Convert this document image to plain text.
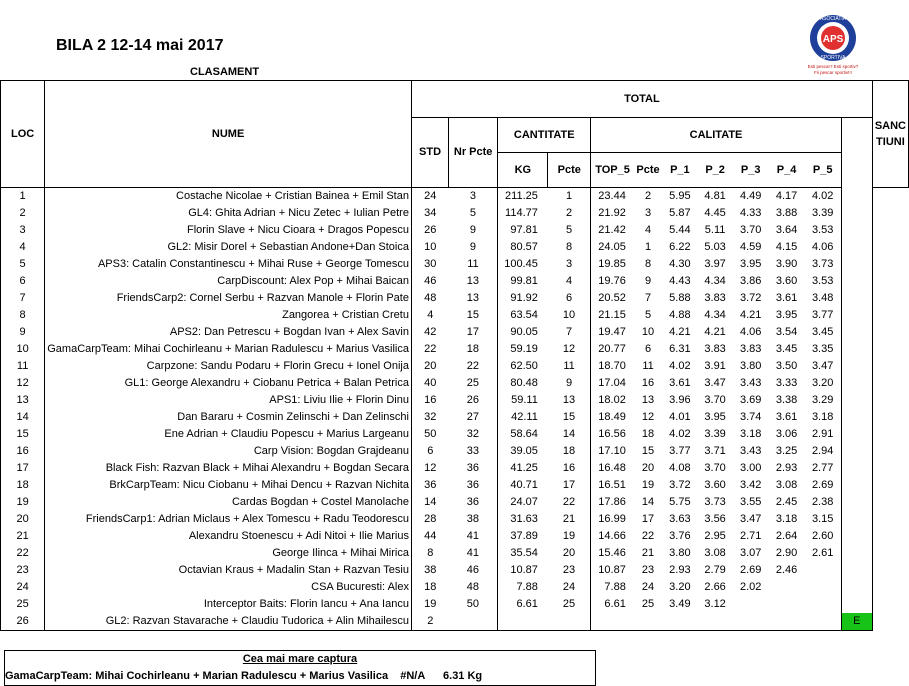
BILA 2 12-14 mai 2017
CLASAMENT
APS
ASOCIATIA
SPORTIVA
Esti pescar? Esti sportiv?
Fii pescar sportiv!!!
LOC	NUME	TOTAL												SANC
TIUNI

		STD	Nr Pcte	CANTITATE		CALITATE								

				KG	Pcte	TOP_5	Pcte	P_1	P_2	P_3	P_4	P_5		
1	Costache Nicolae + Cristian Bainea + Emil Stan	24	3	211.25	1	23.44	2	5.95	4.81	4.49	4.17	4.02		
2	GL4: Ghita Adrian + Nicu Zetec + Iulian Petre	34	5	114.77	2	21.92	3	5.87	4.45	4.33	3.88	3.39		
3	Florin Slave + Nicu Cioara + Dragos Popescu	26	9	97.81	5	21.42	4	5.44	5.11	3.70	3.64	3.53		
4	GL2: Misir Dorel + Sebastian Andone+Dan Stoica	10	9	80.57	8	24.05	1	6.22	5.03	4.59	4.15	4.06		
5	APS3: Catalin Constantinescu + Mihai Ruse + George Tomescu	30	11	100.45	3	19.85	8	4.30	3.97	3.95	3.90	3.73		
6	CarpDiscount: Alex Pop + Mihai Baican	46	13	99.81	4	19.76	9	4.43	4.34	3.86	3.60	3.53		
7	FriendsCarp2: Cornel Serbu + Razvan Manole + Florin Pate	48	13	91.92	6	20.52	7	5.88	3.83	3.72	3.61	3.48		
8	Zangorea + Cristian Cretu	4	15	63.54	10	21.15	5	4.88	4.34	4.21	3.95	3.77		
9	APS2: Dan Petrescu + Bogdan Ivan + Alex Savin	42	17	90.05	7	19.47	10	4.21	4.21	4.06	3.54	3.45		
10	GamaCarpTeam: Mihai Cochirleanu + Marian Radulescu + Marius Vasilica	22	18	59.19	12	20.77	6	6.31	3.83	3.83	3.45	3.35		
11	Carpzone: Sandu Podaru + Florin Grecu + Ionel Onija	20	22	62.50	11	18.70	11	4.02	3.91	3.80	3.50	3.47		
12	GL1: George Alexandru + Ciobanu Petrica + Balan Petrica	40	25	80.48	9	17.04	16	3.61	3.47	3.43	3.33	3.20		
13	APS1: Liviu Ilie + Florin Dinu	16	26	59.11	13	18.02	13	3.96	3.70	3.69	3.38	3.29		
14	Dan Bararu + Cosmin Zelinschi + Dan Zelinschi	32	27	42.11	15	18.49	12	4.01	3.95	3.74	3.61	3.18		
15	Ene Adrian + Claudiu Popescu + Marius Largeanu	50	32	58.64	14	16.56	18	4.02	3.39	3.18	3.06	2.91		
16	Carp Vision: Bogdan Grajdeanu	6	33	39.05	18	17.10	15	3.77	3.71	3.43	3.25	2.94		
17	Black Fish: Razvan Black + Mihai Alexandru + Bogdan Secara	12	36	41.25	16	16.48	20	4.08	3.70	3.00	2.93	2.77		
18	BrkCarpTeam: Nicu Ciobanu + Mihai Dencu + Razvan Nichita	36	36	40.71	17	16.51	19	3.72	3.60	3.42	3.08	2.69		
19	Cardas Bogdan + Costel Manolache	14	36	24.07	22	17.86	14	5.75	3.73	3.55	2.45	2.38		
20	FriendsCarp1: Adrian Miclaus + Alex Tomescu + Radu Teodorescu	28	38	31.63	21	16.99	17	3.63	3.56	3.47	3.18	3.15		
21	Alexandru Stoenescu + Adi Nitoi + Ilie Marius	44	41	37.89	19	14.66	22	3.76	2.95	2.71	2.64	2.60		
22	George Ilinca + Mihai Mirica	8	41	35.54	20	15.46	21	3.80	3.08	3.07	2.90	2.61		
23	Octavian Kraus + Madalin Stan + Razvan Tesiu	38	46	10.87	23	10.87	23	2.93	2.79	2.69	2.46			
24	CSA Bucuresti: Alex	18	48	7.88	24	7.88	24	3.20	2.66	2.02				
25	Interceptor Baits: Florin Iancu + Ana Iancu	19	50	6.61	25	6.61	25	3.49	3.12					
26	GL2: Razvan Stavarache + Claudiu Tudorica + Alin Mihailescu	2											E	
Cea mai mare captura
GamaCarpTeam: Mihai Cochirleanu + Marian Radulescu + Marius Vasilica #N/A 6.31 Kg
